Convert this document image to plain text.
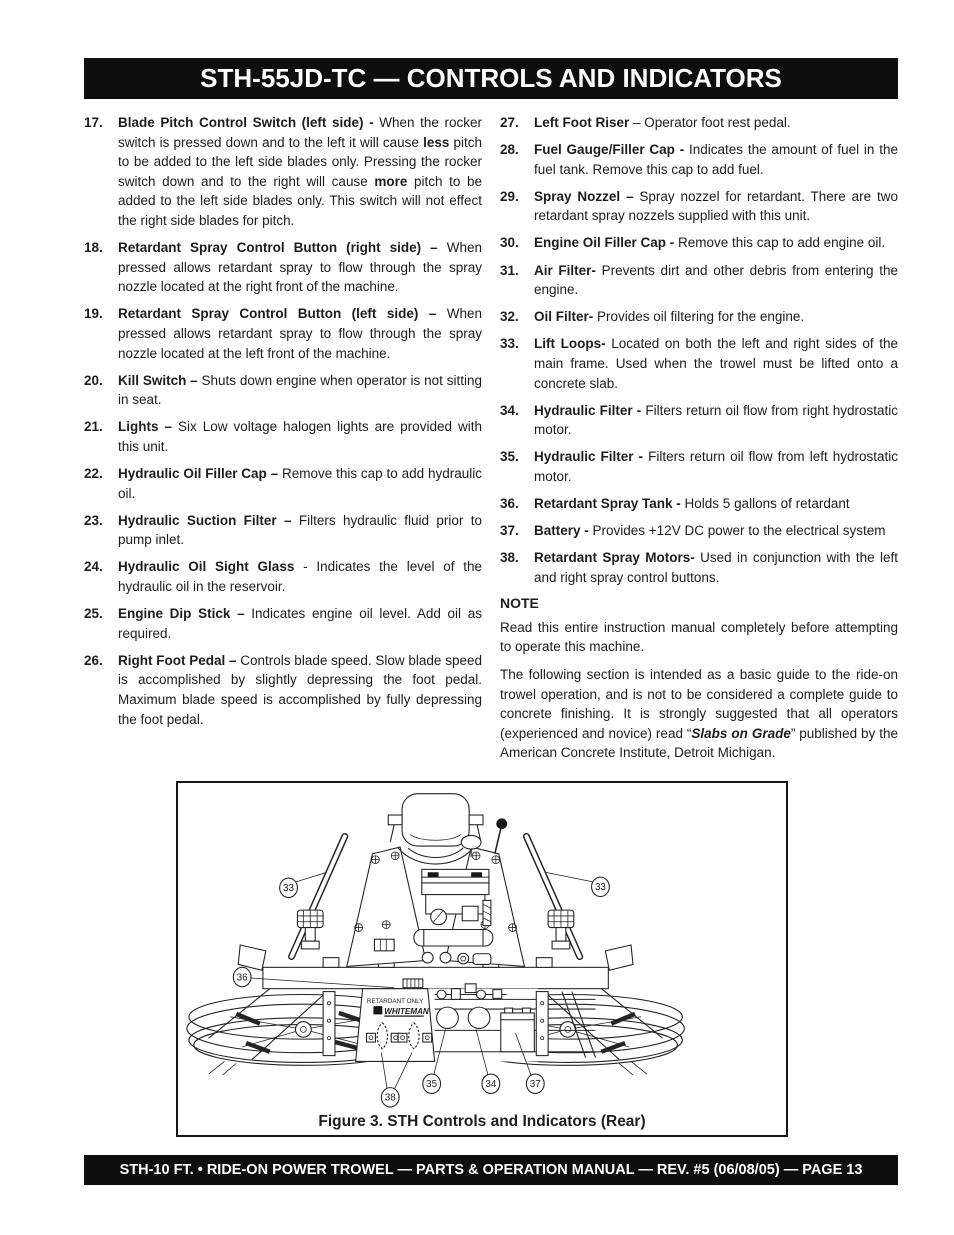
STH-55JD-TC — CONTROLS AND INDICATORS
17.	Blade Pitch Control Switch (left side) - When the rocker switch is pressed down and to the left it will cause less pitch to be added to the left side blades only. Pressing the rocker switch down and to the right will cause more pitch to be added to the left side blades only. This switch will not effect the right side blades for pitch.
18.	Retardant Spray Control Button (right side) – When pressed allows retardant spray to flow through the spray nozzle located at the right front of the machine.
19.	Retardant Spray Control Button (left side) – When pressed allows retardant spray to flow through the spray nozzle located at the left front of the machine.
20.	Kill Switch – Shuts down engine when operator is not sitting in seat.
21.	Lights – Six Low voltage halogen lights are provided with this unit.
22.	Hydraulic Oil Filler Cap – Remove this cap to add hydraulic oil.
23.	Hydraulic Suction Filter – Filters hydraulic fluid prior to pump inlet.
24.	Hydraulic Oil Sight Glass - Indicates the level of the hydraulic oil in the reservoir.
25.	Engine Dip Stick – Indicates engine oil level. Add oil as required.
26.	Right Foot Pedal – Controls blade speed. Slow blade speed is accomplished by slightly depressing the foot pedal. Maximum blade speed is accomplished by fully depressing the foot pedal.
27.	Left Foot Riser – Operator foot rest pedal.
28.	Fuel Gauge/Filler Cap - Indicates the amount of fuel in the fuel tank. Remove this cap to add fuel.
29.	Spray Nozzel – Spray nozzel for retardant. There are two retardant spray nozzels supplied with this unit.
30.	Engine Oil Filler Cap - Remove this cap to add engine oil.
31.	Air Filter- Prevents dirt and other debris from entering the engine.
32.	Oil Filter- Provides oil filtering for the engine.
33.	Lift Loops- Located on both the left and right sides of the main frame. Used when the trowel must be lifted onto a concrete slab.
34.	Hydraulic Filter - Filters return oil flow from right hydrostatic motor.
35.	Hydraulic Filter - Filters return oil flow from left hydrostatic motor.
36.	Retardant Spray Tank - Holds 5 gallons of retardant
37.	Battery - Provides +12V DC power to the electrical system
38.	Retardant Spray Motors- Used in conjunction with the left and right spray control buttons.
NOTE

Read this entire instruction manual completely before attempting to operate this machine.

The following section is intended as a basic guide to the ride-on trowel operation, and is not to be considered a complete guide to concrete finishing. It is strongly suggested that all operators (experienced and novice) read “Slabs on Grade” published by the American Concrete Institute, Detroit Michigan.

RETARDANT ONLY
MQ WHITEMAN
33	33
36
38
35	34	37
Figure 3. STH Controls and Indicators (Rear)
STH-10 FT. • RIDE-ON POWER TROWEL — PARTS & OPERATION MANUAL — REV. #5 (06/08/05) — PAGE 13
